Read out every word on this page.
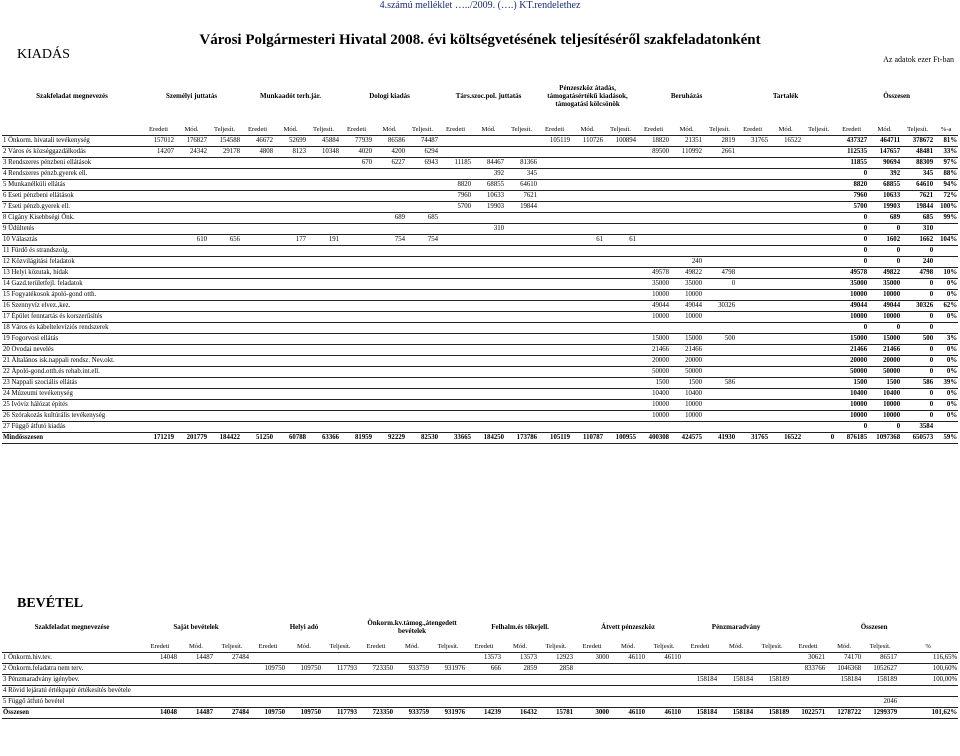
4.számú melléklet …../2009. (….) KT.rendelethez
Városi Polgármesteri Hivatal 2008. évi költségvetésének teljesítéséről szakfeladatonként
KIADÁS	Az adatok ezer Ft-ban
Szakfeladat megnevezés	Személyi juttatás			Munkaadót terh.jár.			Dologi kiadás			Társ.szoc.pol. juttatás			Pénzeszköz átadás, támogatásértékű kiadások, támogatási kölcsönök			Beruházás			Tartalék			Összesen			
	Eredeti	Mód.	Teljesít.	Eredeti	Mód.	Teljesít.	Eredeti	Mód.	Teljesít.	Eredeti	Mód.	Teljesít.	Eredeti	Mód.	Teljesít.	Eredeti	Mód.	Teljesít.	Eredeti	Mód.	Teljesít.	Eredeti	Mód.	Teljesít.	%-a
1 Önkorm. hivatali tevékenység	157012	176827	154588	46672	52699	45884	77939	86586	74487				105119	110726	100894	18820	21351	2819	31765	16522		437327	464711	378672	81%
2 Város és községgazdálkodás	14207	24342	29178	4808	8123	10348	4020	4200	6294							89500	110992	2661				112535	147657	48481	33%
3 Rendszeres pénzbeni ellátások							670	6227	6943	11185	84467	81366										11855	90694	88309	97%
4 Rendszeres pénzb.gyerek ell.											392	345										0	392	345	88%
5 Munkanélküli ellátás										8820	68855	64610										8820	68855	64610	94%
6 Eseti pénzbeni ellátások										7960	10633	7621										7960	10633	7621	72%
7 Eseti pénzb.gyerek ell.										5700	19903	19844										5700	19903	19844	100%
8 Cigány Kisebbségi Önk.								689	685													0	689	685	99%
9 Üdültetés											310											0	0	310	
10 Választás		610	656		177	191		754	754					61	61							0	1602	1662	104%
11 Fürdő és strandszolg.																						0	0	0	
12 Közvilágítási feladatok																	240					0	0	240	
13 Helyi közutak, hidak																49578	49822	4798				49578	49822	4798	10%
14 Gazd.területfejl. feladatok																35000	35000	0				35000	35000	0	0%
15 Fogyatékosok ápoló-gond otth.																10000	10000					10000	10000	0	0%
16 Szennyvíz elvez.,kez.																49044	49044	30326				49044	49044	30326	62%
17 Épület fenntartás és korszerűsítés																10000	10000					10000	10000	0	0%
18 Város és kábeltelevíziós rendszerek																						0	0	0	
19 Fogorvosi ellátás																15000	15000	500				15000	15000	500	3%
20 Óvodai nevelés																21466	21466					21466	21466	0	0%
21 Általános isk.nappali rendsz. Nev.okt.																20000	20000					20000	20000	0	0%
22 Ápoló-gond.otth.és rehab.int.ell.																50000	50000					50000	50000	0	0%
23 Nappali szociális ellátás																1500	1500	586				1500	1500	586	39%
24 Múzeumi tevékenység																10400	10400					10400	10400	0	0%
25 Ivóvíz hálózat építés																10000	10000					10000	10000	0	0%
26 Szórakozás kultúrális tevékenység																10000	10000					10000	10000	0	0%
27 Függő átfutó kiadás																						0	0	3584	
Mindösszesen	171219	201779	184422	51250	60788	63366	81959	92229	82530	33665	184250	173786	105119	110787	100955	400308	424575	41930	31765	16522	0	876185	1097368	650573	59%
BEVÉTEL
Szakfeladat megnevezése	Saját bevételek			Helyi adó			Önkorm.kv.támog.,átengedett bevételek			Felhalm.és tőkejell.			Átvett pénzeszköz			Pénzmaradvány			Összesen			
	Eredeti	Mód.	Teljesít.	Eredeti	Mód.	Teljesít.	Eredeti	Mód.	Teljesít.	Eredeti	Mód.	Teljesít.	Eredeti	Mód.	Teljesít.	Eredeti	Mód.	Teljesít.	Eredeti	Mód.	Teljesít.	%
1 Önkorm.hiv.tev.	14048	14487	27484							13573	13573	12923	3000	46110	46110				30621	74170	86517	116,65%
2 Önkorm.feladatra nem terv.				109750	109750	117793	723350	933759	931976	666	2859	2858							833766	1046368	1052627	100,60%
3 Pénzmaradvány igénybev.																158184	158184	158189		158184	158189	100,00%
4 Rövid lejáratú értékpapír értékesítés bevétele																						
5 Függő átfutó bevétel																					2046	
Összesen	14048	14487	27484	109750	109750	117793	723350	933759	931976	14239	16432	15781	3000	46110	46110	158184	158184	158189	1022571	1278722	1299379	101,62%
